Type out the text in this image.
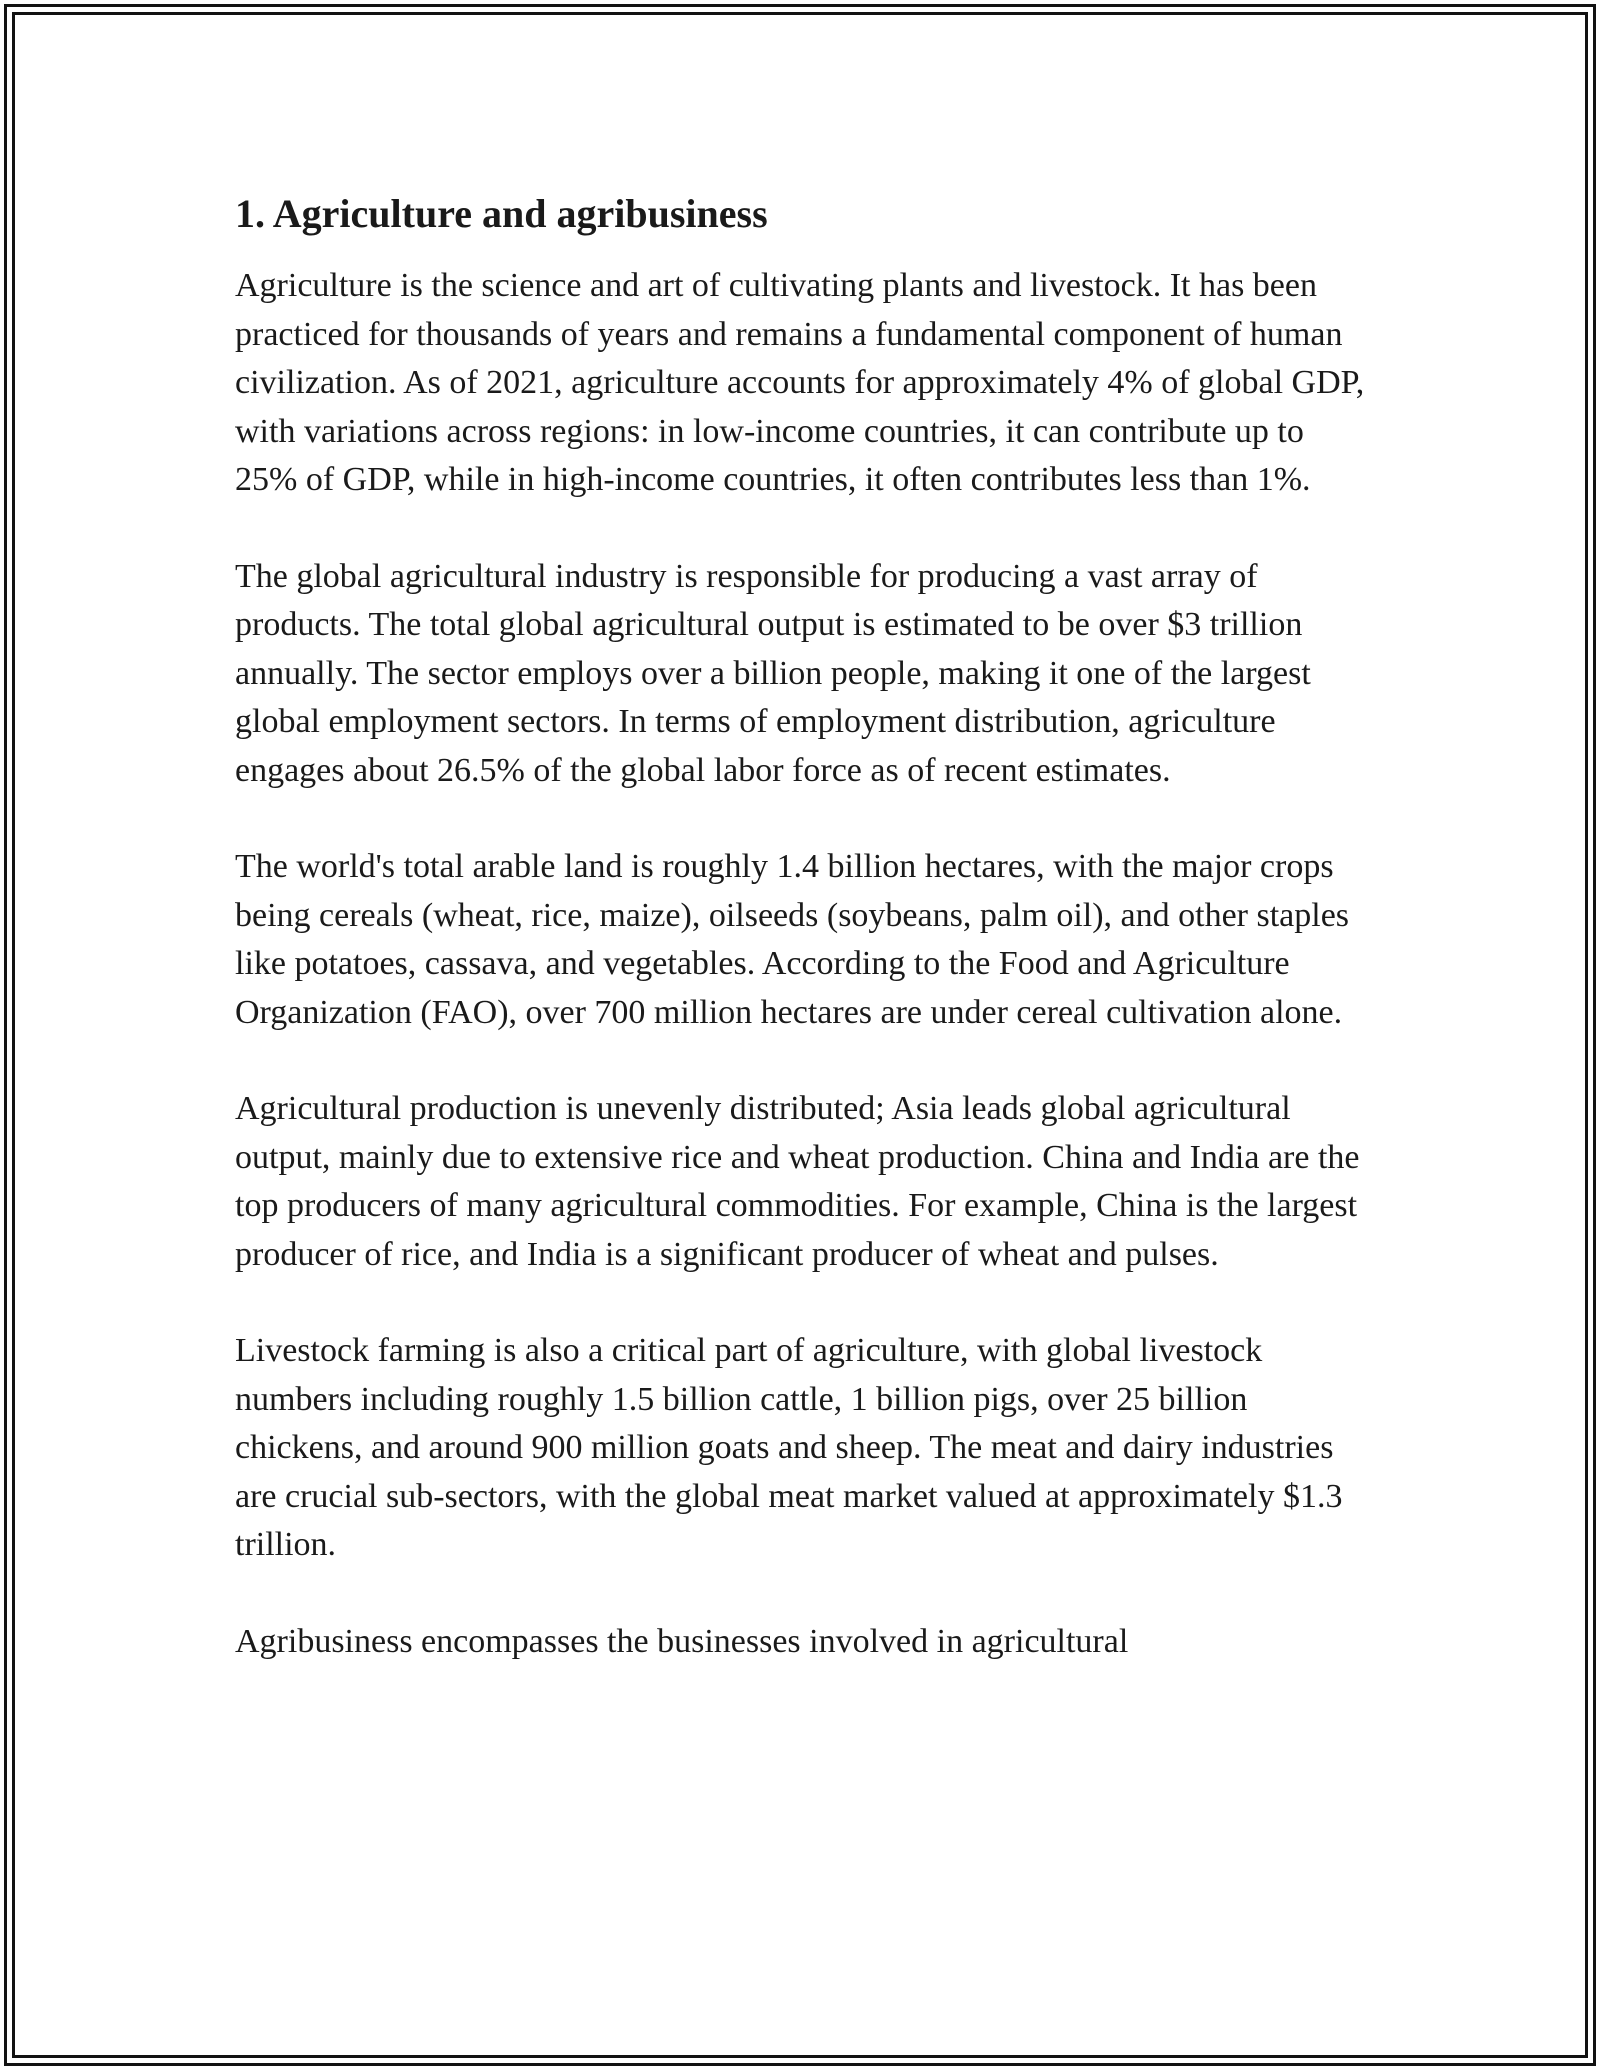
1. Agriculture and agribusiness

Agriculture is the science and art of cultivating plants and livestock. It has been practiced for thousands of years and remains a fundamental component of human civilization. As of 2021, agriculture accounts for approximately 4% of global GDP, with variations across regions: in low-income countries, it can contribute up to 25% of GDP, while in high-income countries, it often contributes less than 1%.

The global agricultural industry is responsible for producing a vast array of products. The total global agricultural output is estimated to be over $3 trillion annually. The sector employs over a billion people, making it one of the largest global employment sectors. In terms of employment distribution, agriculture engages about 26.5% of the global labor force as of recent estimates.

The world's total arable land is roughly 1.4 billion hectares, with the major crops being cereals (wheat, rice, maize), oilseeds (soybeans, palm oil), and other staples like potatoes, cassava, and vegetables. According to the Food and Agriculture Organization (FAO), over 700 million hectares are under cereal cultivation alone.

Agricultural production is unevenly distributed; Asia leads global agricultural output, mainly due to extensive rice and wheat production. China and India are the top producers of many agricultural commodities. For example, China is the largest producer of rice, and India is a significant producer of wheat and pulses.

Livestock farming is also a critical part of agriculture, with global livestock numbers including roughly 1.5 billion cattle, 1 billion pigs, over 25 billion chickens, and around 900 million goats and sheep. The meat and dairy industries are crucial sub-sectors, with the global meat market valued at approximately $1.3 trillion.

Agribusiness encompasses the businesses involved in agricultural
